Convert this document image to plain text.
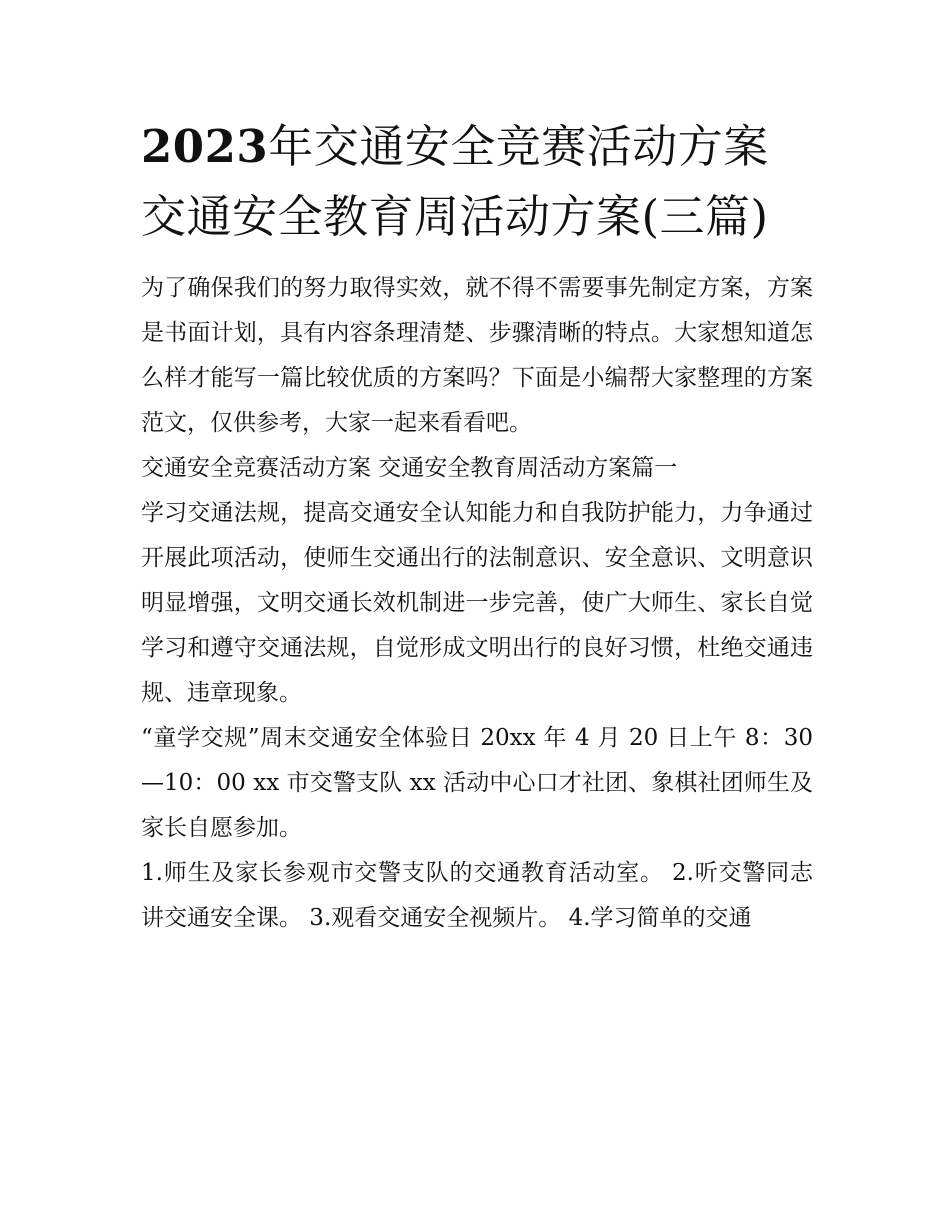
2023年交通安全竞赛活动方案交通安全教育周活动方案(三篇)

为了确保我们的努力取得实效，就不得不需要事先制定方案，方案是书面计划，具有内容条理清楚、步骤清晰的特点。大家想知道怎么样才能写一篇比较优质的方案吗？下面是小编帮大家整理的方案范文，仅供参考，大家一起来看看吧。

交通安全竞赛活动方案 交通安全教育周活动方案篇一

学习交通法规，提高交通安全认知能力和自我防护能力，力争通过开展此项活动，使师生交通出行的法制意识、安全意识、文明意识明显增强，文明交通长效机制进一步完善，使广大师生、家长自觉学习和遵守交通法规，自觉形成文明出行的良好习惯，杜绝交通违规、违章现象。

“童学交规”周末交通安全体验日 20xx 年 4 月 20 日上午 8：30—10：00 xx 市交警支队 xx 活动中心口才社团、象棋社团师生及家长自愿参加。

1.师生及家长参观市交警支队的交通教育活动室。 2.听交警同志讲交通安全课。 3.观看交通安全视频片。 4.学习简单的交通
